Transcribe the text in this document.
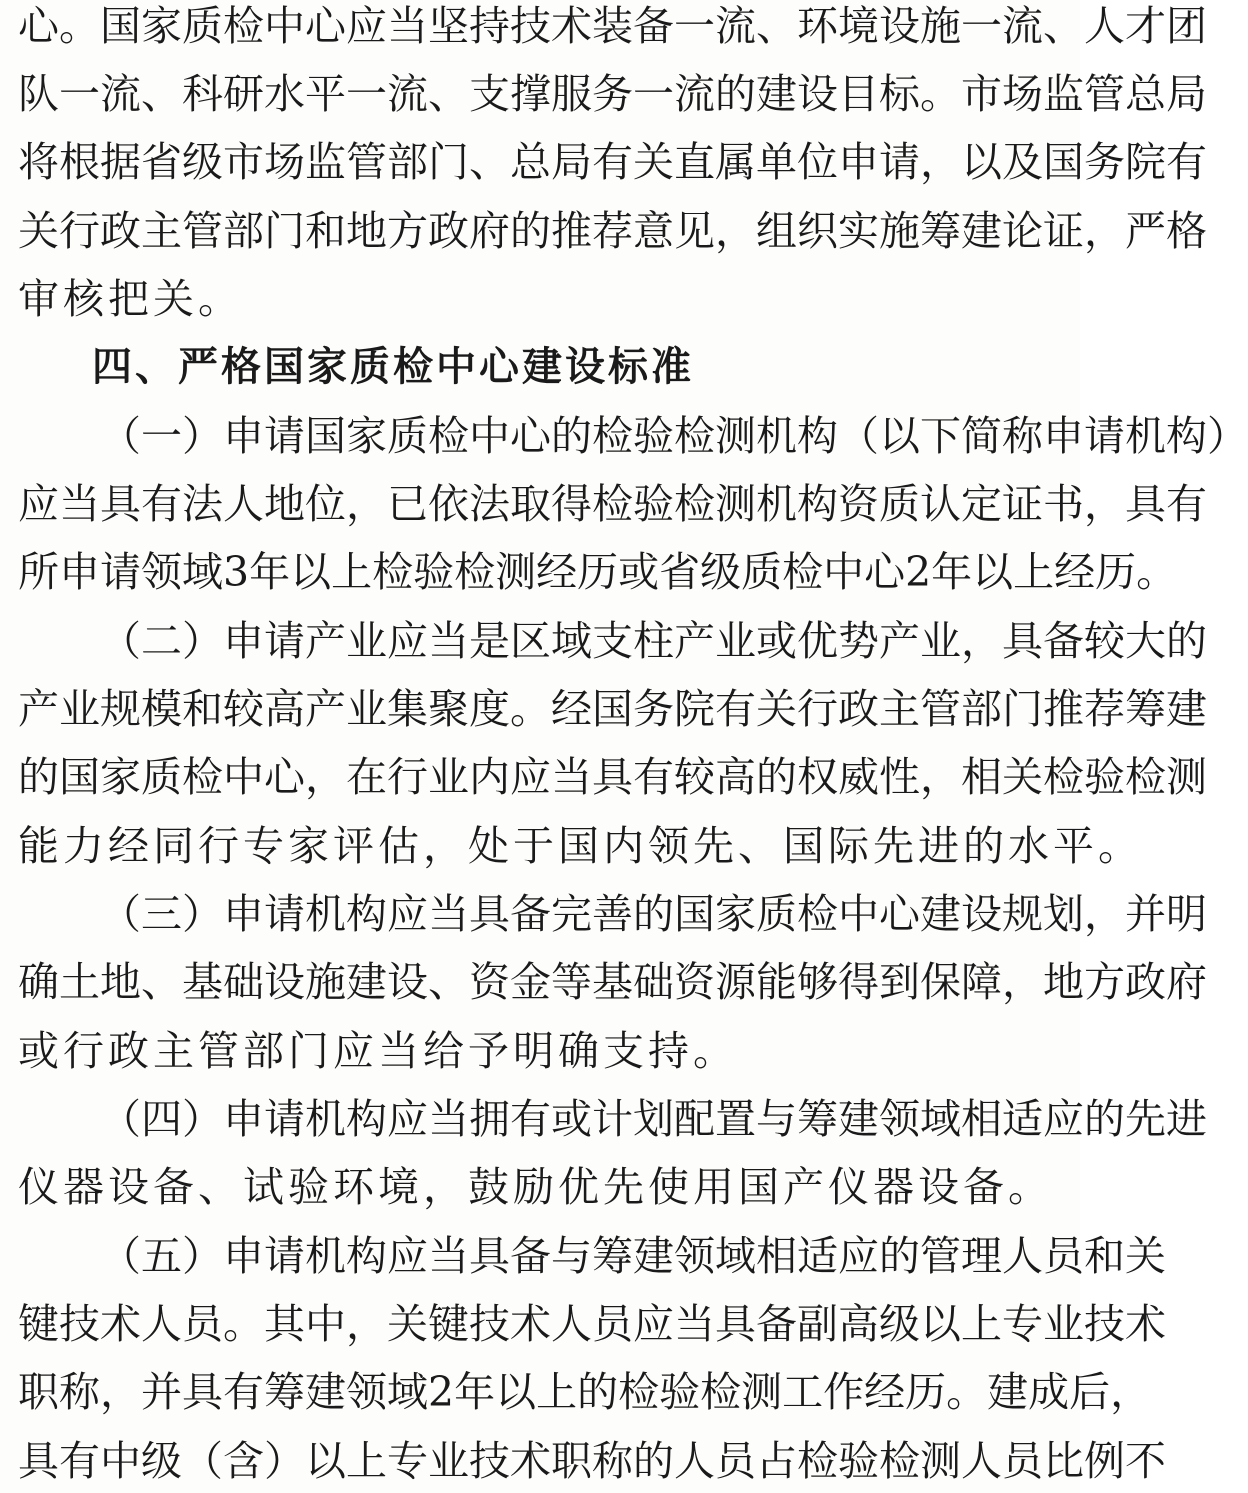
心。国家质检中心应当坚持技术装备一流、环境设施一流、人才团
队一流、科研水平一流、支撑服务一流的建设目标。市场监管总局
将根据省级市场监管部门、总局有关直属单位申请，以及国务院有
关行政主管部门和地方政府的推荐意见，组织实施筹建论证，严格
审核把关。
四、严格国家质检中心建设标准
（一）申请国家质检中心的检验检测机构（以下简称申请机构）
应当具有法人地位，已依法取得检验检测机构资质认定证书，具有
所申请领域3年以上检验检测经历或省级质检中心2年以上经历。
（二）申请产业应当是区域支柱产业或优势产业，具备较大的
产业规模和较高产业集聚度。经国务院有关行政主管部门推荐筹建
的国家质检中心，在行业内应当具有较高的权威性，相关检验检测
能力经同行专家评估，处于国内领先、国际先进的水平。
（三）申请机构应当具备完善的国家质检中心建设规划，并明
确土地、基础设施建设、资金等基础资源能够得到保障，地方政府
或行政主管部门应当给予明确支持。
（四）申请机构应当拥有或计划配置与筹建领域相适应的先进
仪器设备、试验环境，鼓励优先使用国产仪器设备。
（五）申请机构应当具备与筹建领域相适应的管理人员和关
键技术人员。其中，关键技术人员应当具备副高级以上专业技术
职称，并具有筹建领域2年以上的检验检测工作经历。建成后，
具有中级（含）以上专业技术职称的人员占检验检测人员比例不
